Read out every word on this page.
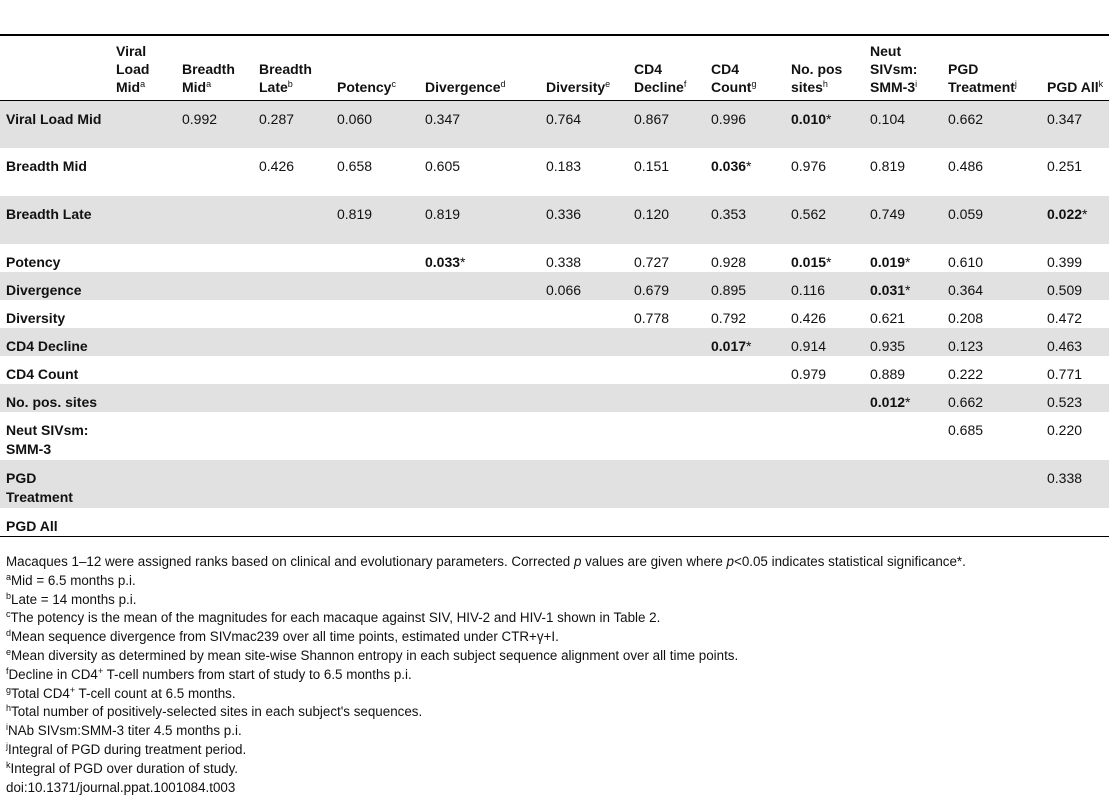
	Viral Load Mid$^a$	Breadth Mid$^a$	Breadth Late$^b$	Potency$^c$	Divergence$^d$	Diversity$^e$	CD4 Decline$^f$	CD4 Count$^g$	No. pos sites$^h$	Neut SIVsm: SMM-3$^i$	PGD Treatment$^j$	PGD All$^k$
Viral Load Mid		0.992	0.287	0.060	0.347	0.764	0.867	0.996	0.010*	0.104	0.662	0.347
Breadth Mid			0.426	0.658	0.605	0.183	0.151	0.036*	0.976	0.819	0.486	0.251
Breadth Late				0.819	0.819	0.336	0.120	0.353	0.562	0.749	0.059	0.022*
Potency					0.033*	0.338	0.727	0.928	0.015*	0.019*	0.610	0.399
Divergence						0.066	0.679	0.895	0.116	0.031*	0.364	0.509
Diversity							0.778	0.792	0.426	0.621	0.208	0.472
CD4 Decline								0.017*	0.914	0.935	0.123	0.463
CD4 Count									0.979	0.889	0.222	0.771
No. pos. sites										0.012*	0.662	0.523
Neut SIVsm: SMM-3											0.685	0.220
PGD Treatment												0.338
PGD All												
Macaques 1–12 were assigned ranks based on clinical and evolutionary parameters. Corrected p values are given where p<0.05 indicates statistical significance*.
$^a$Mid = 6.5 months p.i.
$^b$Late = 14 months p.i.
$^c$The potency is the mean of the magnitudes for each macaque against SIV, HIV-2 and HIV-1 shown in Table 2.
$^d$Mean sequence divergence from SIVmac239 over all time points, estimated under CTR+γ+I.
$^e$Mean diversity as determined by mean site-wise Shannon entropy in each subject sequence alignment over all time points.
$^f$Decline in CD4+ T-cell numbers from start of study to 6.5 months p.i.
$^g$Total CD4+ T-cell count at 6.5 months.
$^h$Total number of positively-selected sites in each subject's sequences.
$^i$NAb SIVsm:SMM-3 titer 4.5 months p.i.
$^j$Integral of PGD during treatment period.
$^k$Integral of PGD over duration of study.
doi:10.1371/journal.ppat.1001084.t003
